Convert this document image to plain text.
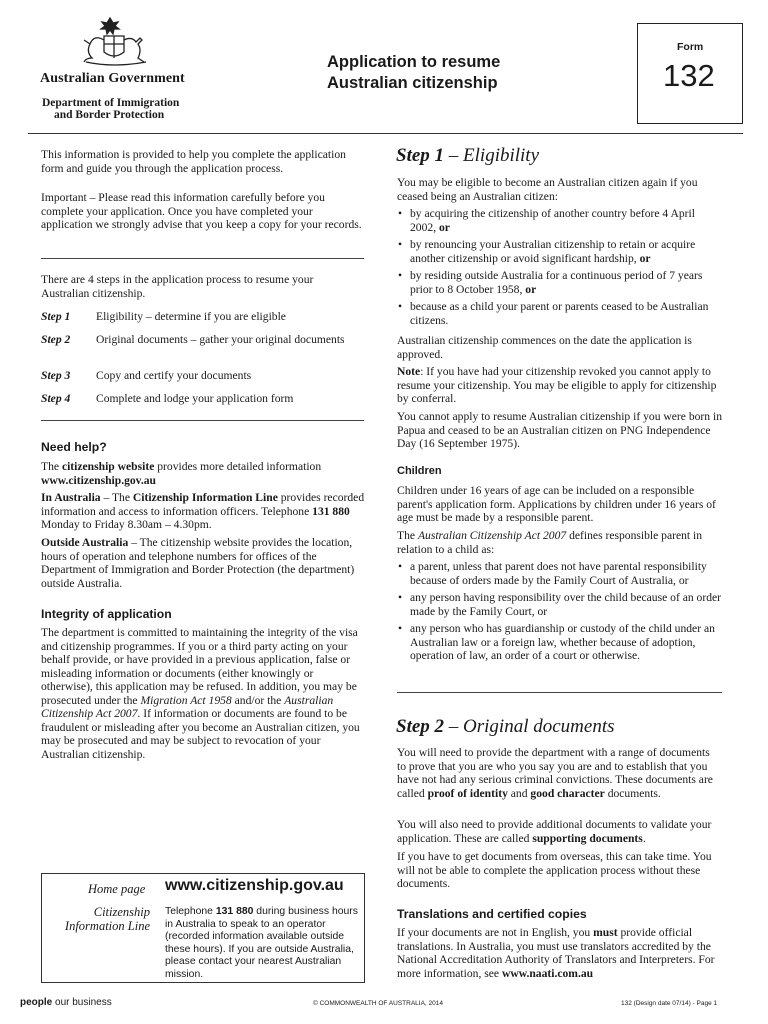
Australian Government
Department of Immigration
and Border Protection
Application to resume
Australian citizenship
Form
132

This information is provided to help you complete the application form and guide you through the application process.

Important – Please read this information carefully before you complete your application. Once you have completed your application we strongly advise that you keep a copy for your records.

There are 4 steps in the application process to resume your Australian citizenship.

Step 1 Eligibility – determine if you are eligible
Step 2 Original documents – gather your original documents
Step 3 Copy and certify your documents
Step 4 Complete and lodge your application form
Need help?

The citizenship website provides more detailed information
www.citizenship.gov.au

In Australia – The Citizenship Information Line provides recorded information and access to information officers. Telephone 131 880 Monday to Friday 8.30am – 4.30pm.

Outside Australia – The citizenship website provides the location, hours of operation and telephone numbers for offices of the Department of Immigration and Border Protection (the department) outside Australia.

Integrity of application

The department is committed to maintaining the integrity of the visa and citizenship programmes. If you or a third party acting on your behalf provide, or have provided in a previous application, false or misleading information or documents (either knowingly or otherwise), this application may be refused. In addition, you may be prosecuted under the Migration Act 1958 and/or the Australian Citizenship Act 2007. If information or documents are found to be fraudulent or misleading after you become an Australian citizen, you may be prosecuted and may be subject to revocation of your Australian citizenship.

Home page www.citizenship.gov.au
Citizenship
Information Line
Telephone 131 880 during business hours in Australia to speak to an operator (recorded information available outside these hours). If you are outside Australia, please contact your nearest Australian mission.
Step 1 – Eligibility

You may be eligible to become an Australian citizen again if you ceased being an Australian citizen:

• by acquiring the citizenship of another country before 4 April 2002, or
• by renouncing your Australian citizenship to retain or acquire another citizenship or avoid significant hardship, or
• by residing outside Australia for a continuous period of 7 years prior to 8 October 1958, or
• because as a child your parent or parents ceased to be Australian citizens.

Australian citizenship commences on the date the application is approved.

Note: If you have had your citizenship revoked you cannot apply to resume your citizenship. You may be eligible to apply for citizenship by conferral.

You cannot apply to resume Australian citizenship if you were born in Papua and ceased to be an Australian citizen on PNG Independence Day (16 September 1975).

Children

Children under 16 years of age can be included on a responsible parent's application form. Applications by children under 16 years of age must be made by a responsible parent.

The Australian Citizenship Act 2007 defines responsible parent in relation to a child as:

• a parent, unless that parent does not have parental responsibility because of orders made by the Family Court of Australia, or
• any person having responsibility over the child because of an order made by the Family Court, or
• any person who has guardianship or custody of the child under an Australian law or a foreign law, whether because of adoption, operation of law, an order of a court or otherwise.
Step 2 – Original documents

You will need to provide the department with a range of documents to prove that you are who you say you are and to establish that you have not had any serious criminal convictions. These documents are called proof of identity and good character documents.

You will also need to provide additional documents to validate your application. These are called supporting documents.

If you have to get documents from overseas, this can take time. You will not be able to complete the application process without these documents.

Translations and certified copies

If your documents are not in English, you must provide official translations. In Australia, you must use translators accredited by the National Accreditation Authority of Translators and Interpreters. For more information, see www.naati.com.au

people our business	© COMMONWEALTH OF AUSTRALIA, 2014	132 (Design date 07/14) - Page 1
